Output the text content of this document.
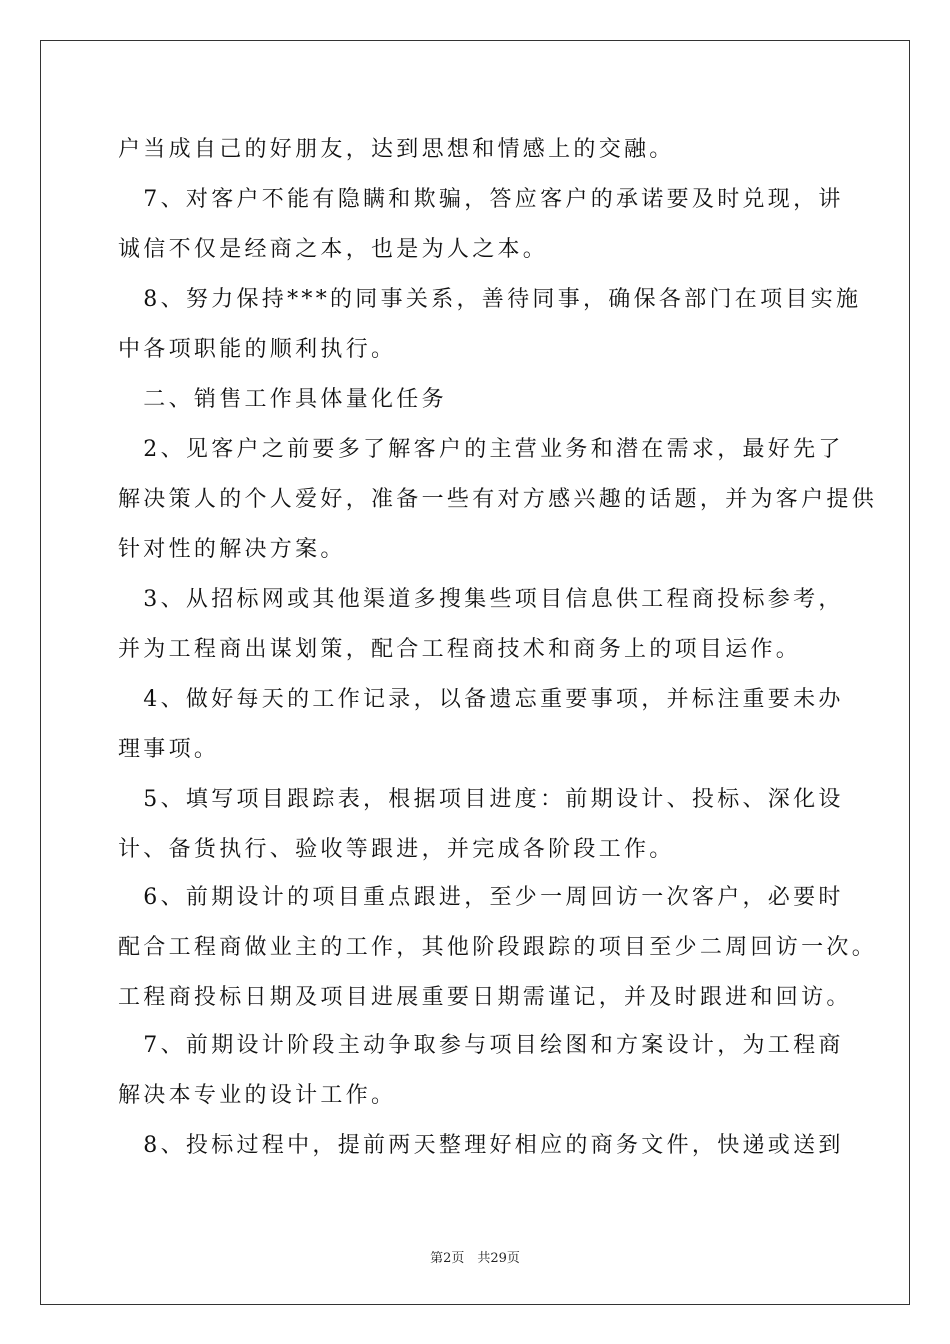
户当成自己的好朋友，达到思想和情感上的交融。
　7、对客户不能有隐瞒和欺骗，答应客户的承诺要及时兑现，讲
诚信不仅是经商之本，也是为人之本。
　8、努力保持***的同事关系，善待同事，确保各部门在项目实施
中各项职能的顺利执行。
　二、销售工作具体量化任务
　2、见客户之前要多了解客户的主营业务和潜在需求，最好先了
解决策人的个人爱好，准备一些有对方感兴趣的话题，并为客户提供
针对性的解决方案。
　3、从招标网或其他渠道多搜集些项目信息供工程商投标参考，
并为工程商出谋划策，配合工程商技术和商务上的项目运作。
　4、做好每天的工作记录，以备遗忘重要事项，并标注重要未办
理事项。
　5、填写项目跟踪表，根据项目进度：前期设计、投标、深化设
计、备货执行、验收等跟进，并完成各阶段工作。
　6、前期设计的项目重点跟进，至少一周回访一次客户，必要时
配合工程商做业主的工作，其他阶段跟踪的项目至少二周回访一次。
工程商投标日期及项目进展重要日期需谨记，并及时跟进和回访。
　7、前期设计阶段主动争取参与项目绘图和方案设计，为工程商
解决本专业的设计工作。
　8、投标过程中，提前两天整理好相应的商务文件，快递或送到
第2页　共29页
